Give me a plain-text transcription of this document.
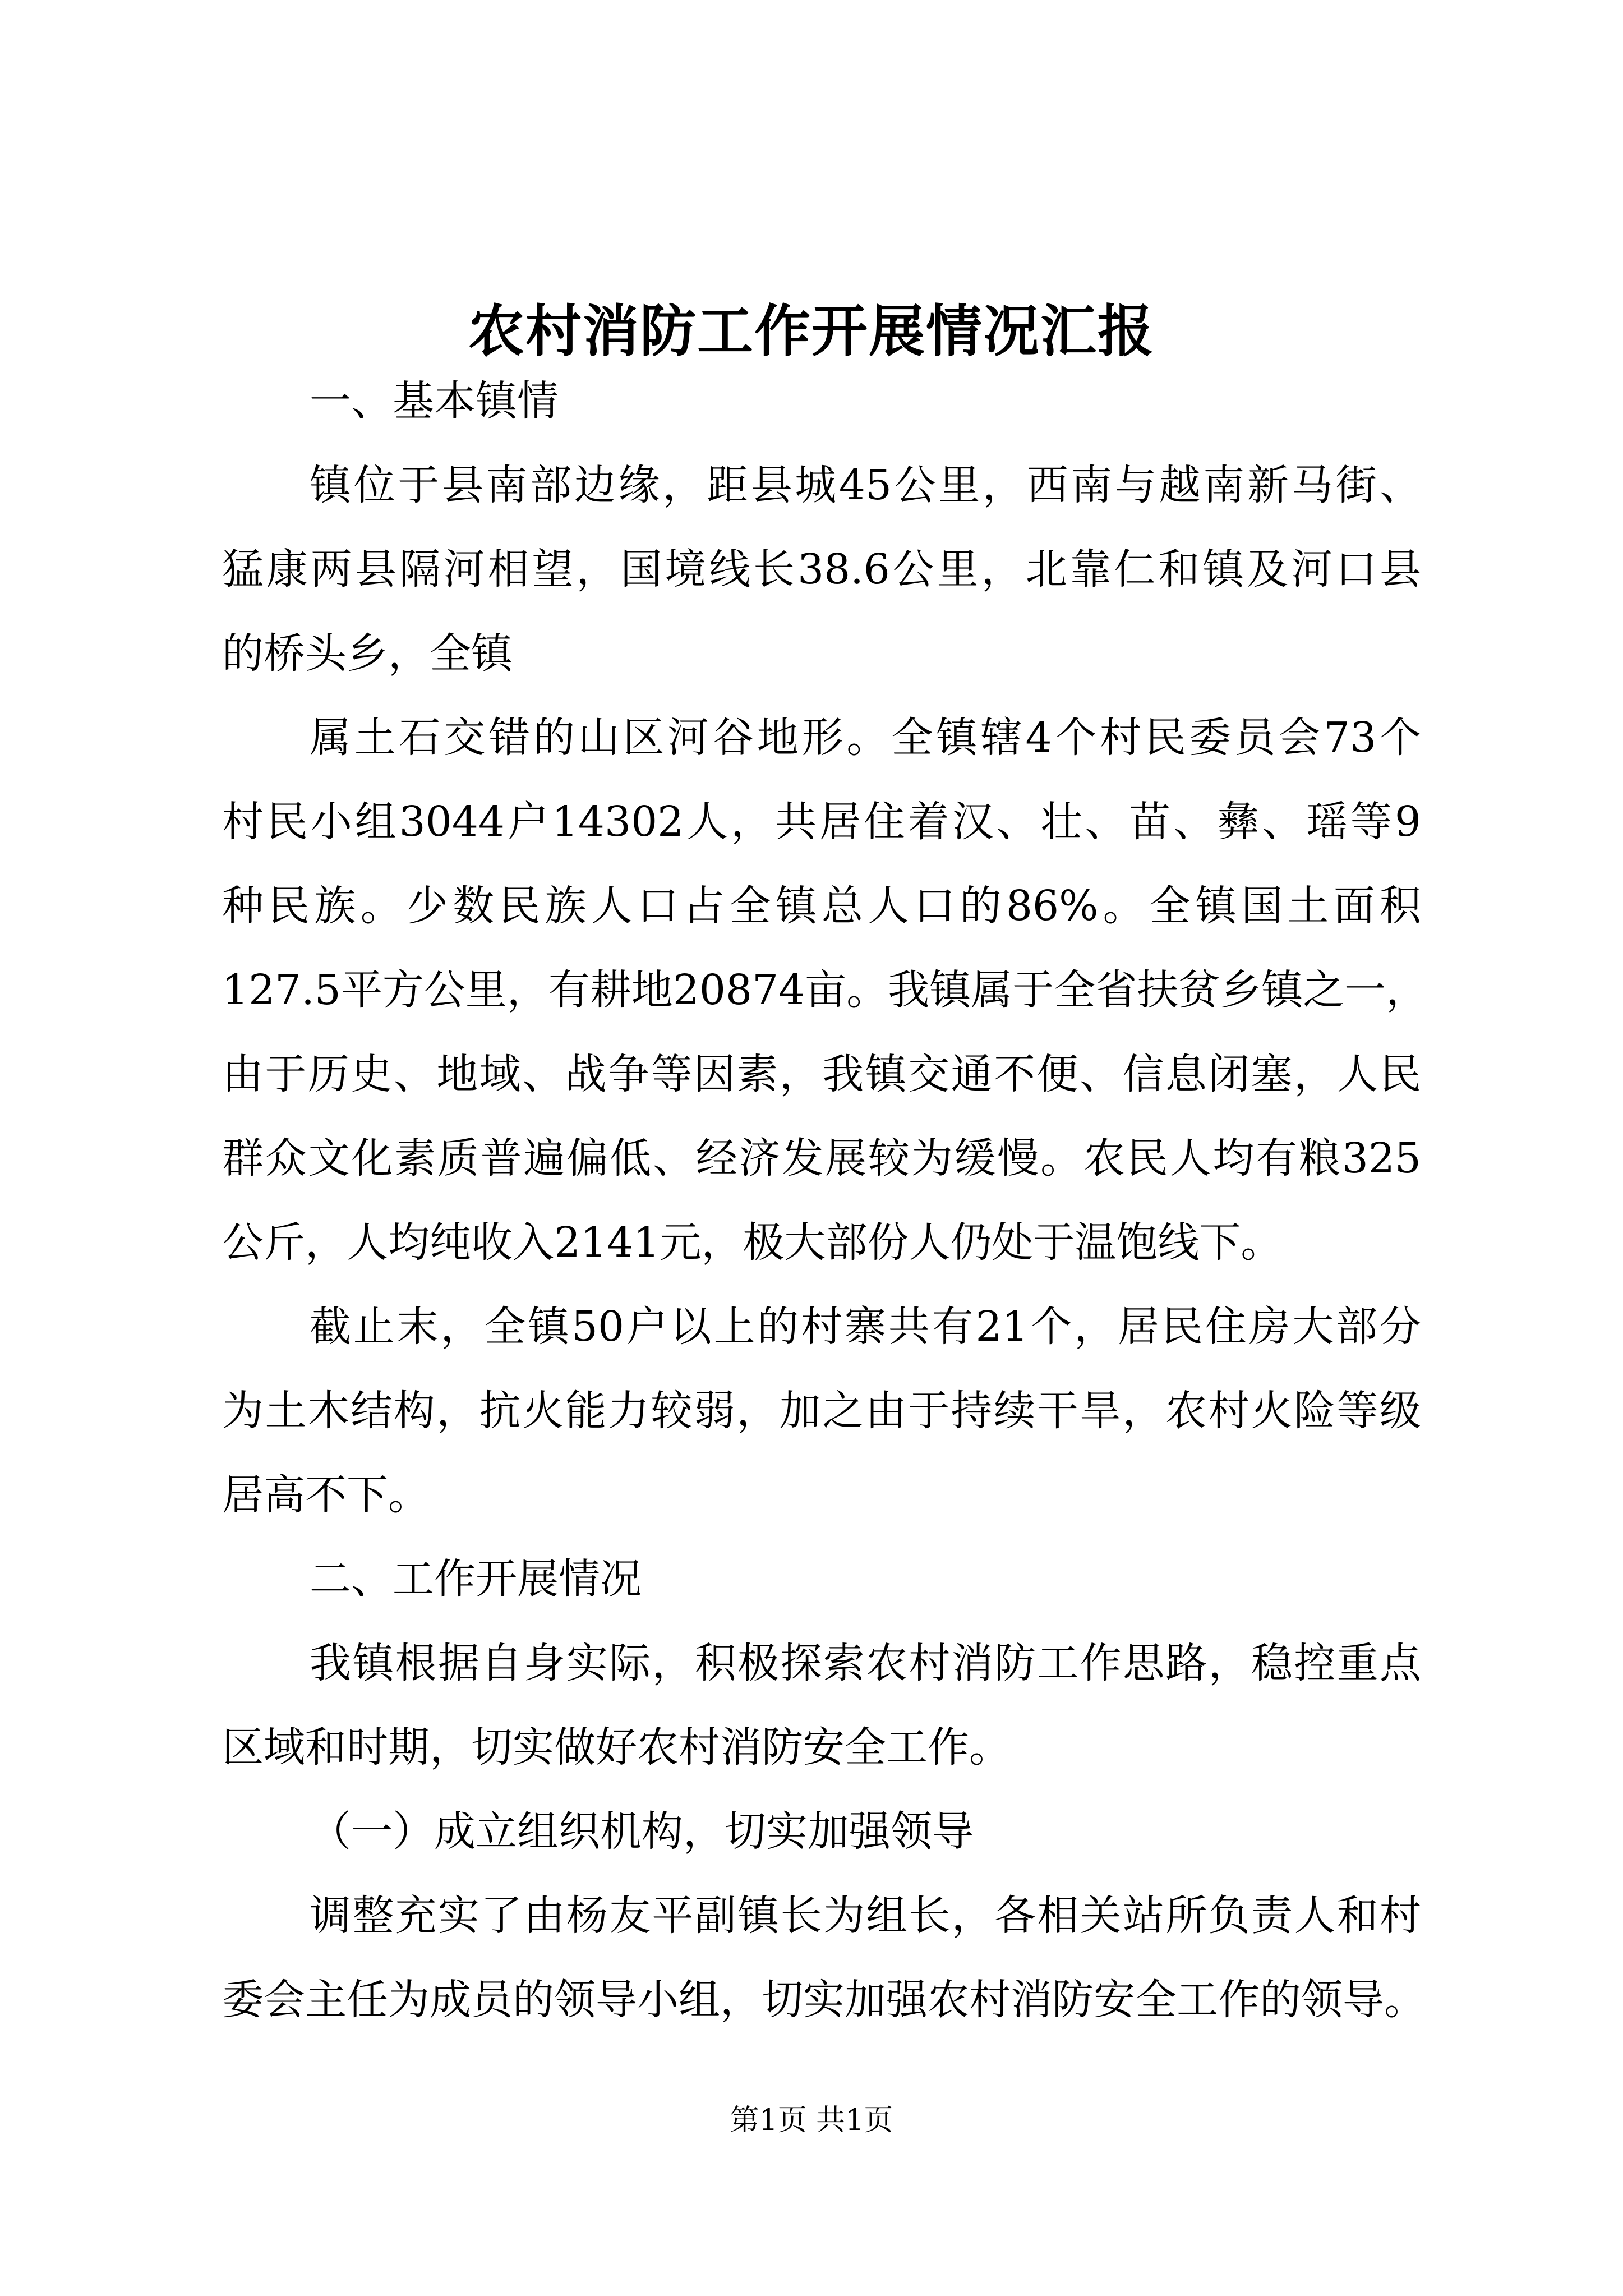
农村消防工作开展情况汇报
一、基本镇情
镇位于县南部边缘，距县城45公里，西南与越南新马街、
猛康两县隔河相望，国境线长38.6公里，北靠仁和镇及河口县
的桥头乡，全镇
属土石交错的山区河谷地形。全镇辖4个村民委员会73个
村民小组3044户14302人，共居住着汉、壮、苗、彝、瑶等9
种民族。少数民族人口占全镇总人口的86%。全镇国土面积
127.5平方公里，有耕地20874亩。我镇属于全省扶贫乡镇之一，
由于历史、地域、战争等因素，我镇交通不便、信息闭塞，人民
群众文化素质普遍偏低、经济发展较为缓慢。农民人均有粮325
公斤，人均纯收入2141元，极大部份人仍处于温饱线下。
截止末，全镇50户以上的村寨共有21个，居民住房大部分
为土木结构，抗火能力较弱，加之由于持续干旱，农村火险等级
居高不下。
二、工作开展情况
我镇根据自身实际，积极探索农村消防工作思路，稳控重点
区域和时期，切实做好农村消防安全工作。
（一）成立组织机构，切实加强领导
调整充实了由杨友平副镇长为组长，各相关站所负责人和村
委会主任为成员的领导小组，切实加强农村消防安全工作的领导。
第1页 共1页
